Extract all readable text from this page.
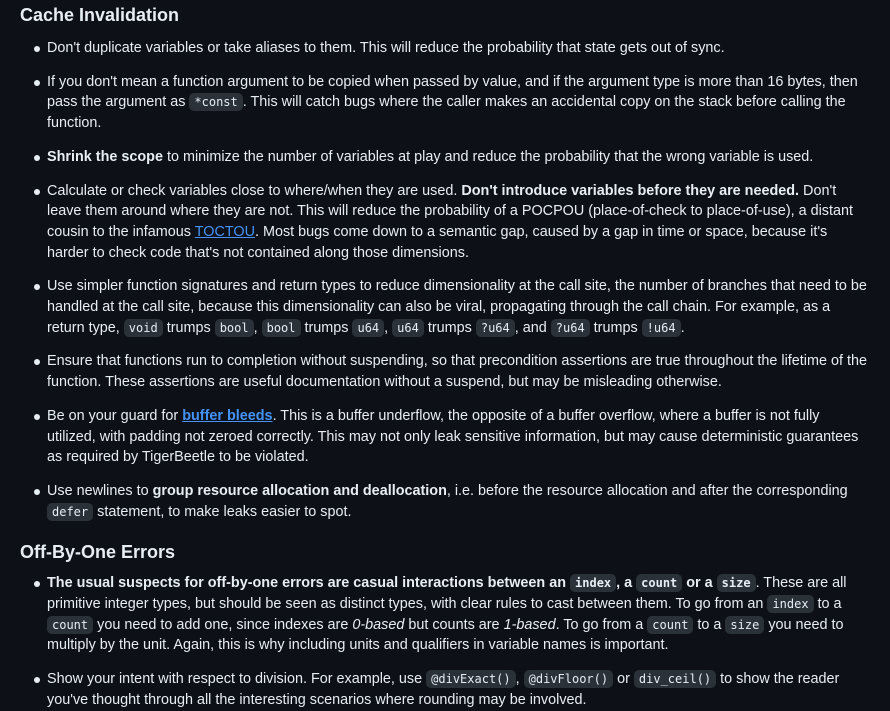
Cache Invalidation
Don't duplicate variables or take aliases to them. This will reduce the probability that state gets out of sync.
If you don't mean a function argument to be copied when passed by value, and if the argument type is more than 16 bytes, then pass the argument as *const . This will catch bugs where the caller makes an accidental copy on the stack before calling the function.
Shrink the scope to minimize the number of variables at play and reduce the probability that the wrong variable is used.
Calculate or check variables close to where/when they are used. Don't introduce variables before they are needed. Don't leave them around where they are not. This will reduce the probability of a POCPOU (place-of-check to place-of-use), a distant cousin to the infamous TOCTOU. Most bugs come down to a semantic gap, caused by a gap in time or space, because it's harder to check code that's not contained along those dimensions.
Use simpler function signatures and return types to reduce dimensionality at the call site, the number of branches that need to be handled at the call site, because this dimensionality can also be viral, propagating through the call chain. For example, as a return type, void trumps bool , bool trumps u64 , u64 trumps ?u64 , and ?u64 trumps !u64 .
Ensure that functions run to completion without suspending, so that precondition assertions are true throughout the lifetime of the function. These assertions are useful documentation without a suspend, but may be misleading otherwise.
Be on your guard for buffer bleeds. This is a buffer underflow, the opposite of a buffer overflow, where a buffer is not fully utilized, with padding not zeroed correctly. This may not only leak sensitive information, but may cause deterministic guarantees as required by TigerBeetle to be violated.
Use newlines to group resource allocation and deallocation, i.e. before the resource allocation and after the corresponding defer statement, to make leaks easier to spot.
Off-By-One Errors
The usual suspects for off-by-one errors are casual interactions between an index , a count or a size . These are all primitive integer types, but should be seen as distinct types, with clear rules to cast between them. To go from an index to a count you need to add one, since indexes are 0-based but counts are 1-based. To go from a count to a size you need to multiply by the unit. Again, this is why including units and qualifiers in variable names is important.
Show your intent with respect to division. For example, use @divExact() , @divFloor() or div_ceil() to show the reader you've thought through all the interesting scenarios where rounding may be involved.
